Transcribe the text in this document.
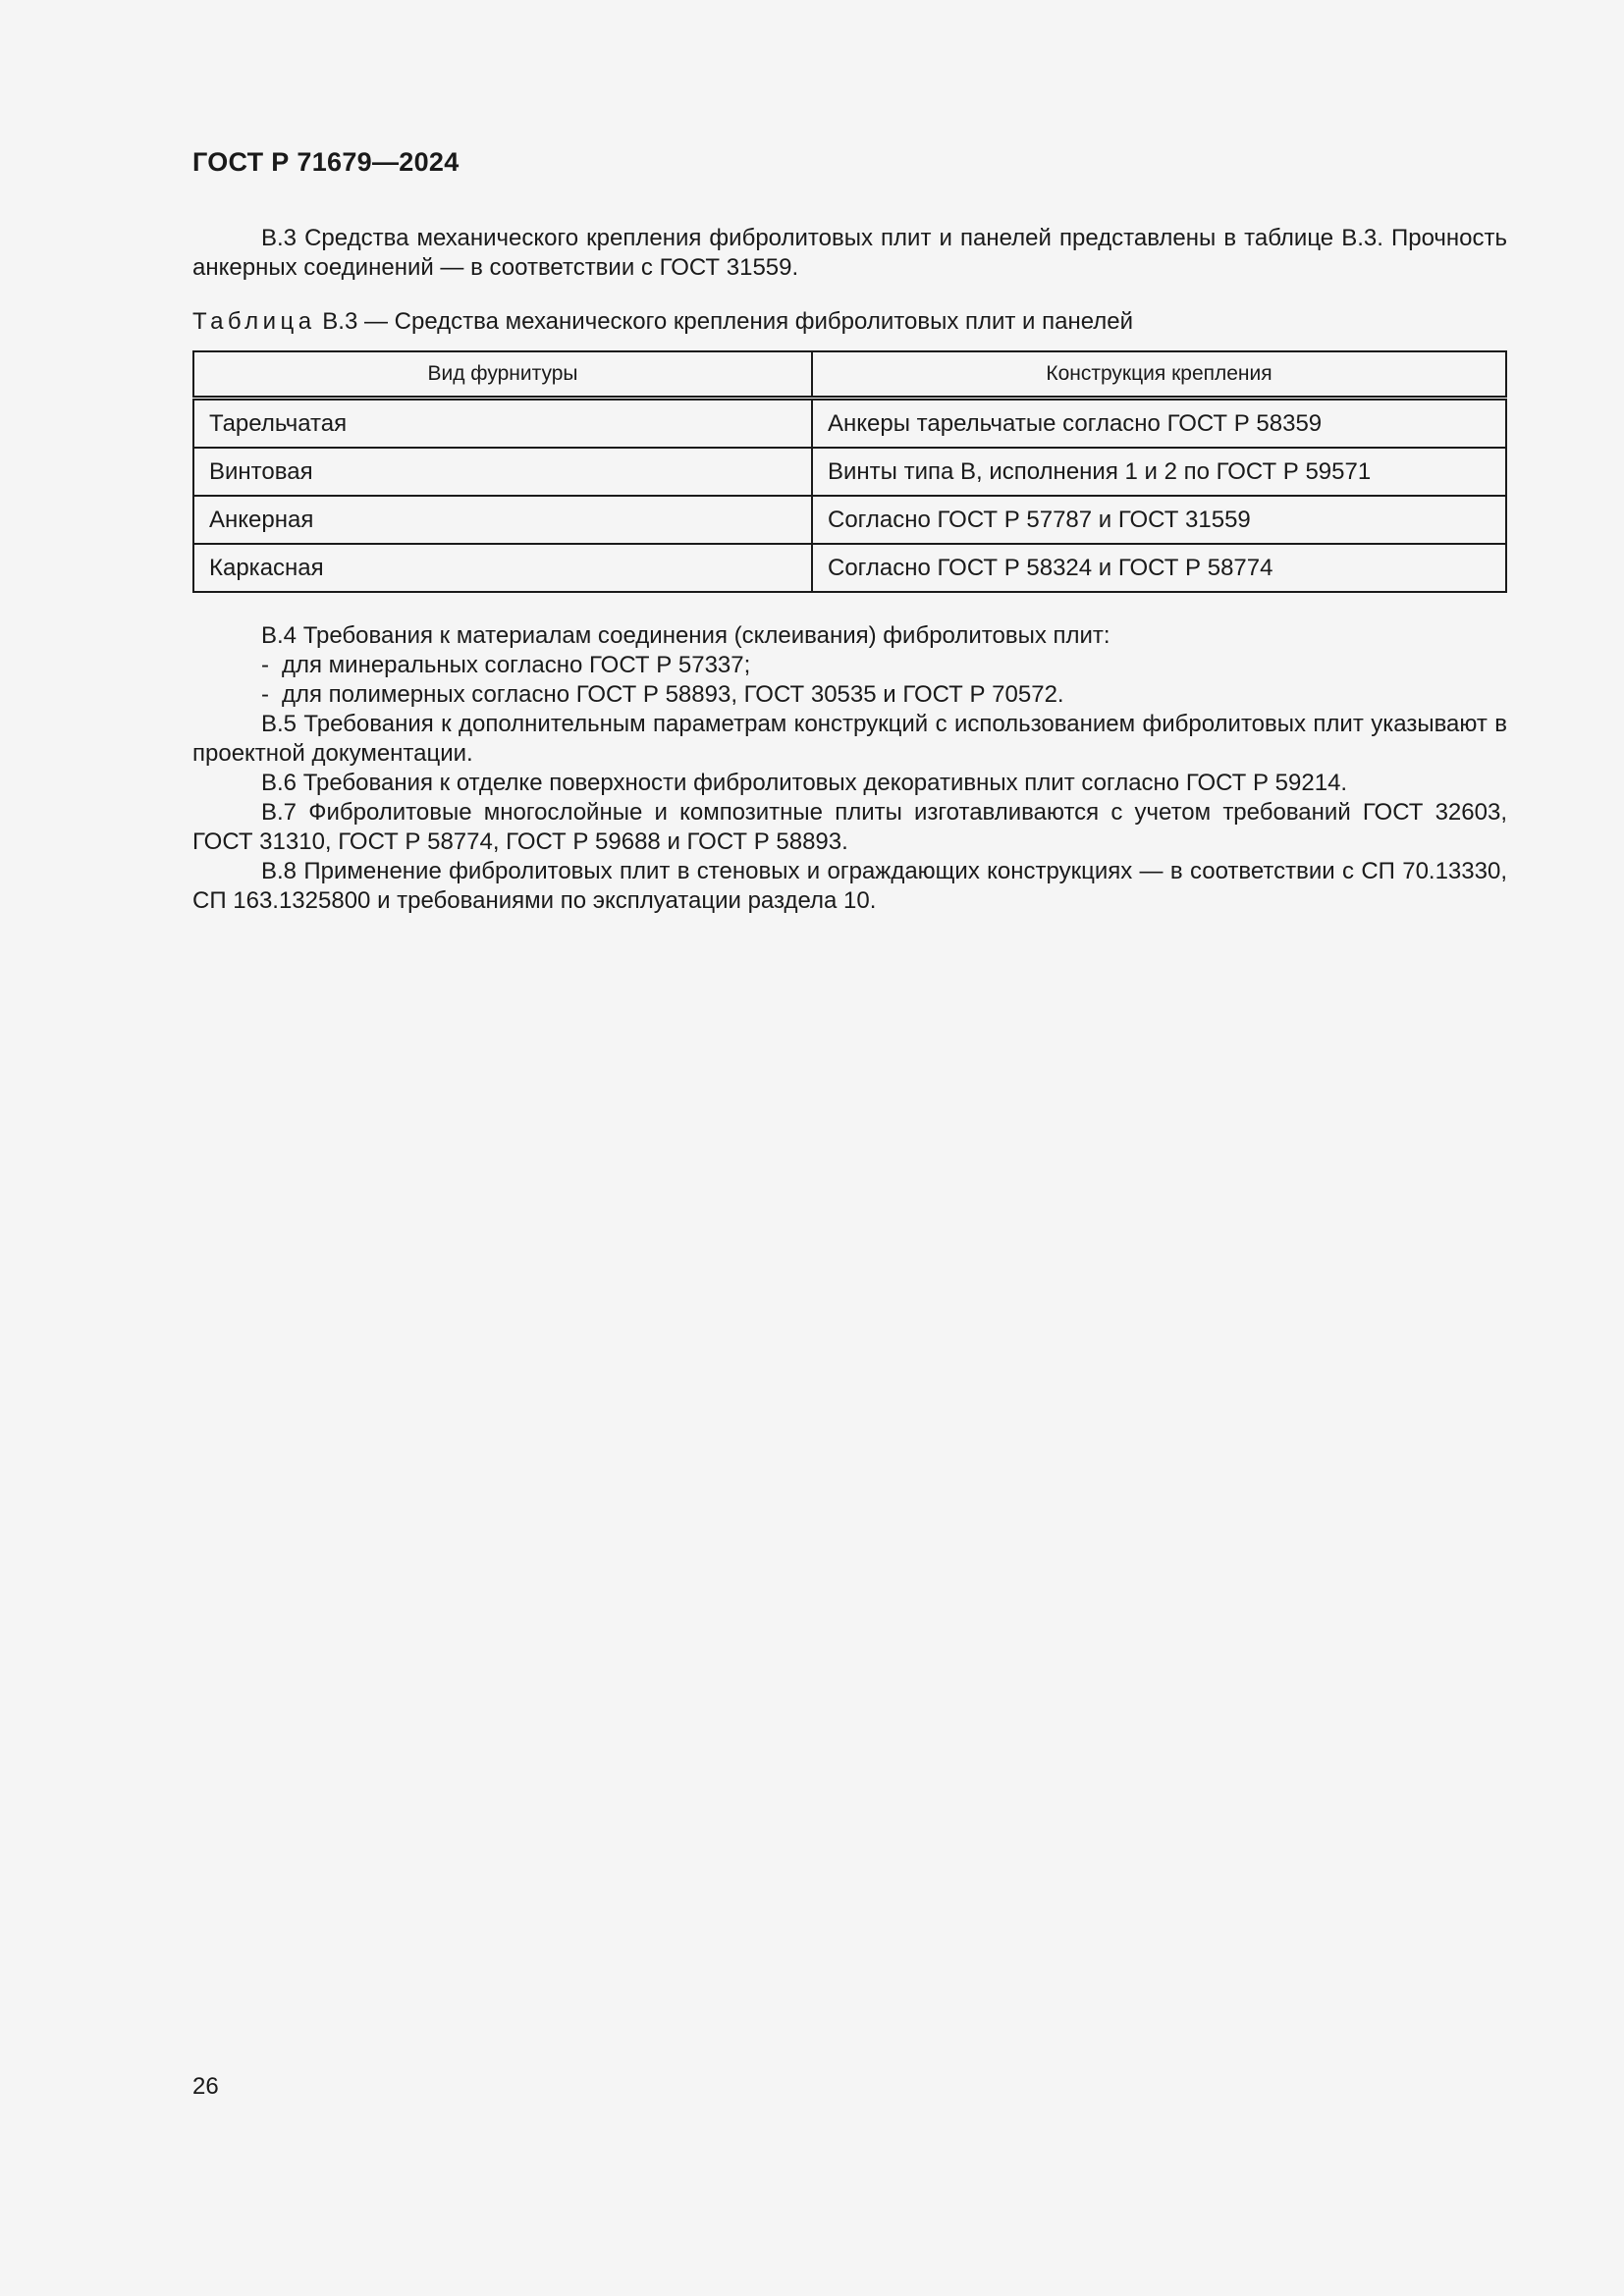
ГОСТ Р 71679—2024

В.3 Средства механического крепления фибролитовых плит и панелей представлены в таблице В.3. Прочность анкерных соединений — в соответствии с ГОСТ 31559.

Таблица В.3 — Средства механического крепления фибролитовых плит и панелей
Вид фурнитуры	Конструкция крепления
Тарельчатая	Анкеры тарельчатые согласно ГОСТ Р 58359
Винтовая	Винты типа В, исполнения 1 и 2 по ГОСТ Р 59571
Анкерная	Согласно ГОСТ Р 57787 и ГОСТ 31559
Каркасная	Согласно ГОСТ Р 58324 и ГОСТ Р 58774

В.4 Требования к материалам соединения (склеивания) фибролитовых плит:

- для минеральных согласно ГОСТ Р 57337;

- для полимерных согласно ГОСТ Р 58893, ГОСТ 30535 и ГОСТ Р 70572.

В.5 Требования к дополнительным параметрам конструкций с использованием фибролитовых плит указывают в проектной документации.

В.6 Требования к отделке поверхности фибролитовых декоративных плит согласно ГОСТ Р 59214.

В.7 Фибролитовые многослойные и композитные плиты изготавливаются с учетом требований ГОСТ 32603, ГОСТ 31310, ГОСТ Р 58774, ГОСТ Р 59688 и ГОСТ Р 58893.

В.8 Применение фибролитовых плит в стеновых и ограждающих конструкциях — в соответствии с СП 70.13330, СП 163.1325800 и требованиями по эксплуатации раздела 10.

26
